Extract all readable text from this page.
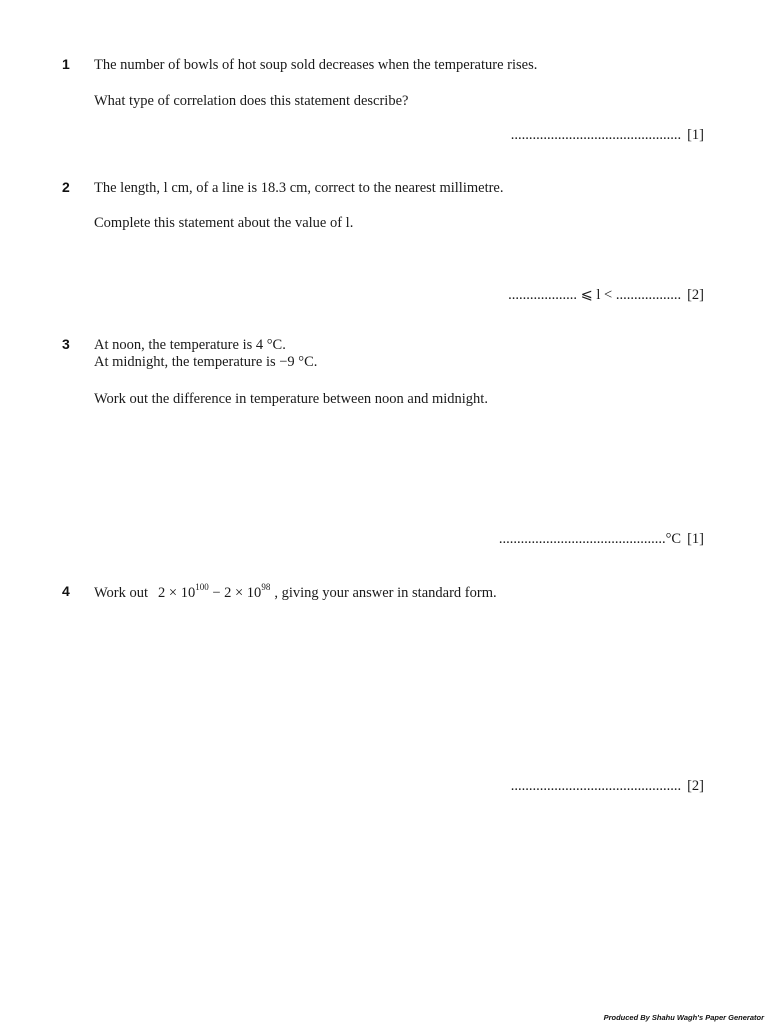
1 The number of bowls of hot soup sold decreases when the temperature rises.
What type of correlation does this statement describe?
............................................... [1]
2 The length, l cm, of a line is 18.3 cm, correct to the nearest millimetre.
Complete this statement about the value of l.
................... ⩽ l < .................. [2]
3 At noon, the temperature is 4 °C.
At midnight, the temperature is −9 °C.
Work out the difference in temperature between noon and midnight.
..............................................°C [1]
4 Work out $2 \times 10^{100} - 2 \times 10^{98}$ , giving your answer in standard form.
............................................... [2]
Produced By Shahu Wagh's Paper Generator
